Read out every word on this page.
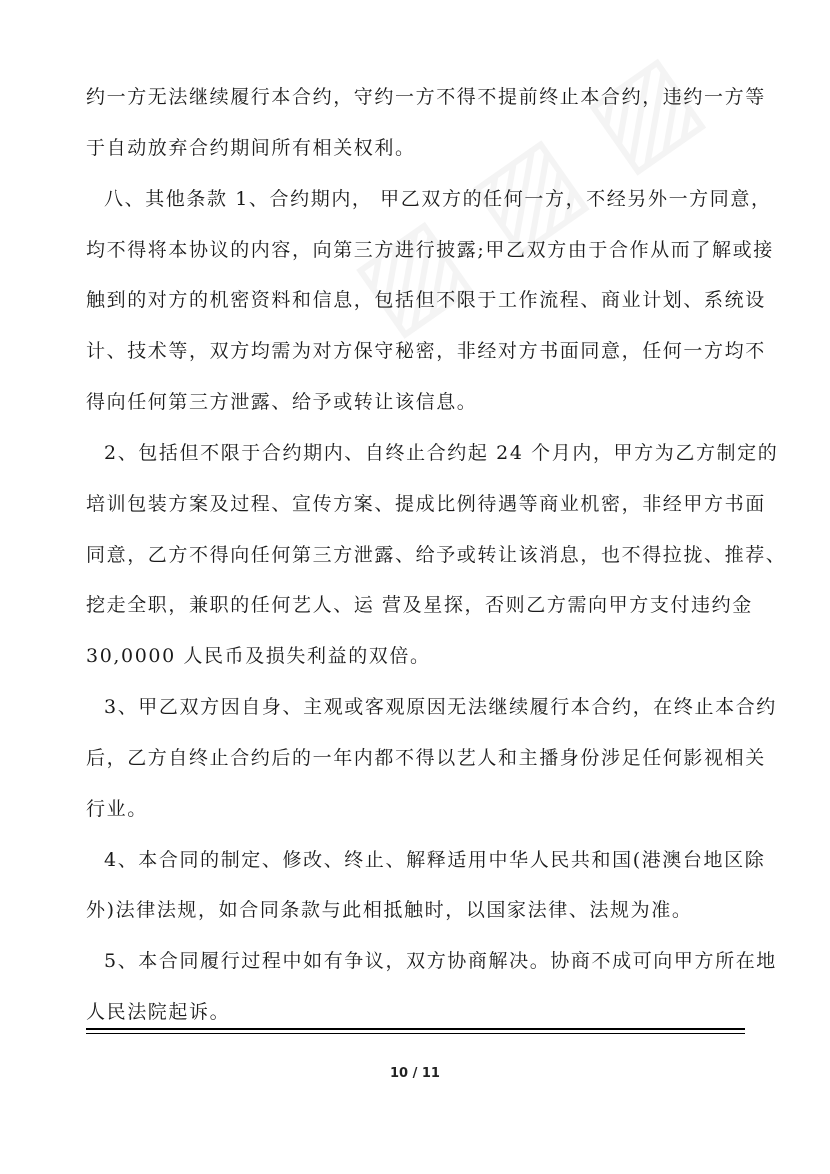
约一方无法继续履行本合约，守约一方不得不提前终止本合约，违约一方等
于自动放弃合约期间所有相关权利。
八、其他条款 1、合约期内， 甲乙双方的任何一方，不经另外一方同意，
均不得将本协议的内容，向第三方进行披露;甲乙双方由于合作从而了解或接
触到的对方的机密资料和信息，包括但不限于工作流程、商业计划、系统设
计、技术等，双方均需为对方保守秘密，非经对方书面同意，任何一方均不
得向任何第三方泄露、给予或转让该信息。
2、包括但不限于合约期内、自终止合约起 24 个月内，甲方为乙方制定的
培训包装方案及过程、宣传方案、提成比例待遇等商业机密，非经甲方书面
同意，乙方不得向任何第三方泄露、给予或转让该消息，也不得拉拢、推荐、
挖走全职，兼职的任何艺人、运 营及星探，否则乙方需向甲方支付违约金
30,0000 人民币及损失利益的双倍。
3、甲乙双方因自身、主观或客观原因无法继续履行本合约，在终止本合约
后，乙方自终止合约后的一年内都不得以艺人和主播身份涉足任何影视相关
行业。
4、本合同的制定、修改、终止、解释适用中华人民共和国(港澳台地区除
外)法律法规，如合同条款与此相抵触时，以国家法律、法规为准。
5、本合同履行过程中如有争议，双方协商解决。协商不成可向甲方所在地
人民法院起诉。
10 / 11
